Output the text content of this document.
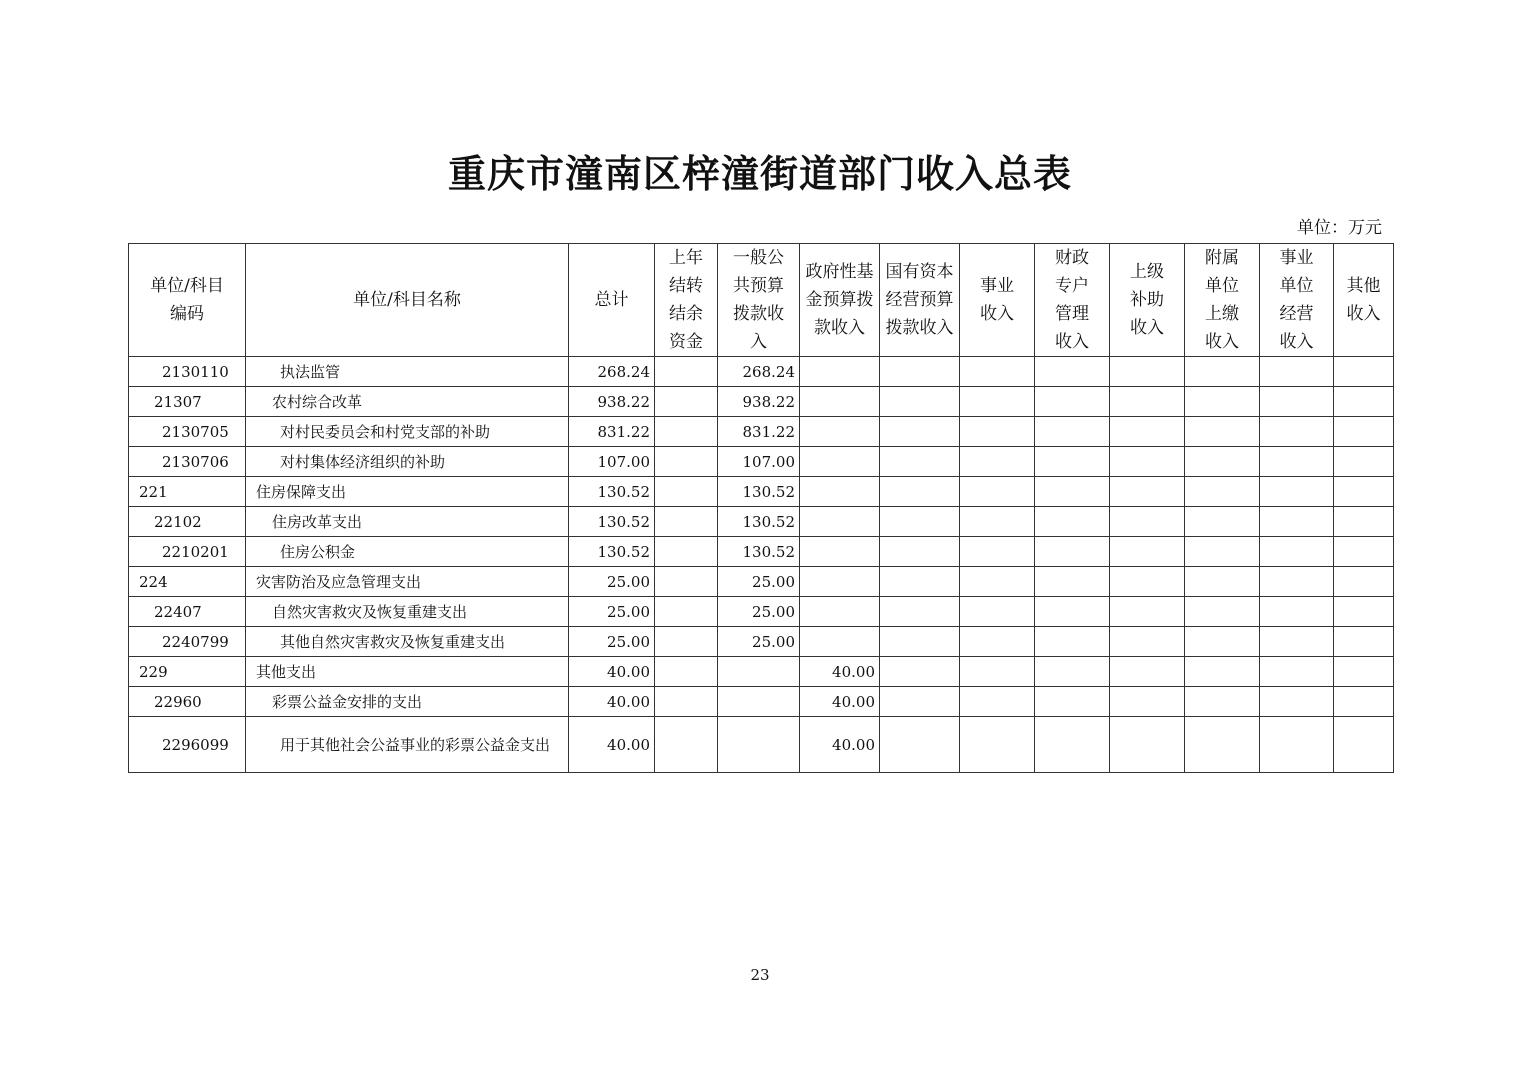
重庆市潼南区梓潼街道部门收入总表
单位：万元
单位/科目编码	单位/科目名称	总计	上年结转结余资金	一般公共预算拨款收入	政府性基金预算拨款收入	国有资本经营预算拨款收入	事业收入	财政专户管理收入	上级补助收入	附属单位上缴收入	事业单位经营收入	其他收入
2130110	执法监管	268.24		268.24								
21307	农村综合改革	938.22		938.22								
2130705	对村民委员会和村党支部的补助	831.22		831.22								
2130706	对村集体经济组织的补助	107.00		107.00								
221	住房保障支出	130.52		130.52								
22102	住房改革支出	130.52		130.52								
2210201	住房公积金	130.52		130.52								
224	灾害防治及应急管理支出	25.00		25.00								
22407	自然灾害救灾及恢复重建支出	25.00		25.00								
2240799	其他自然灾害救灾及恢复重建支出	25.00		25.00								
229	其他支出	40.00			40.00							
22960	彩票公益金安排的支出	40.00			40.00							
2296099	用于其他社会公益事业的彩票公益金支出	40.00			40.00							
23
